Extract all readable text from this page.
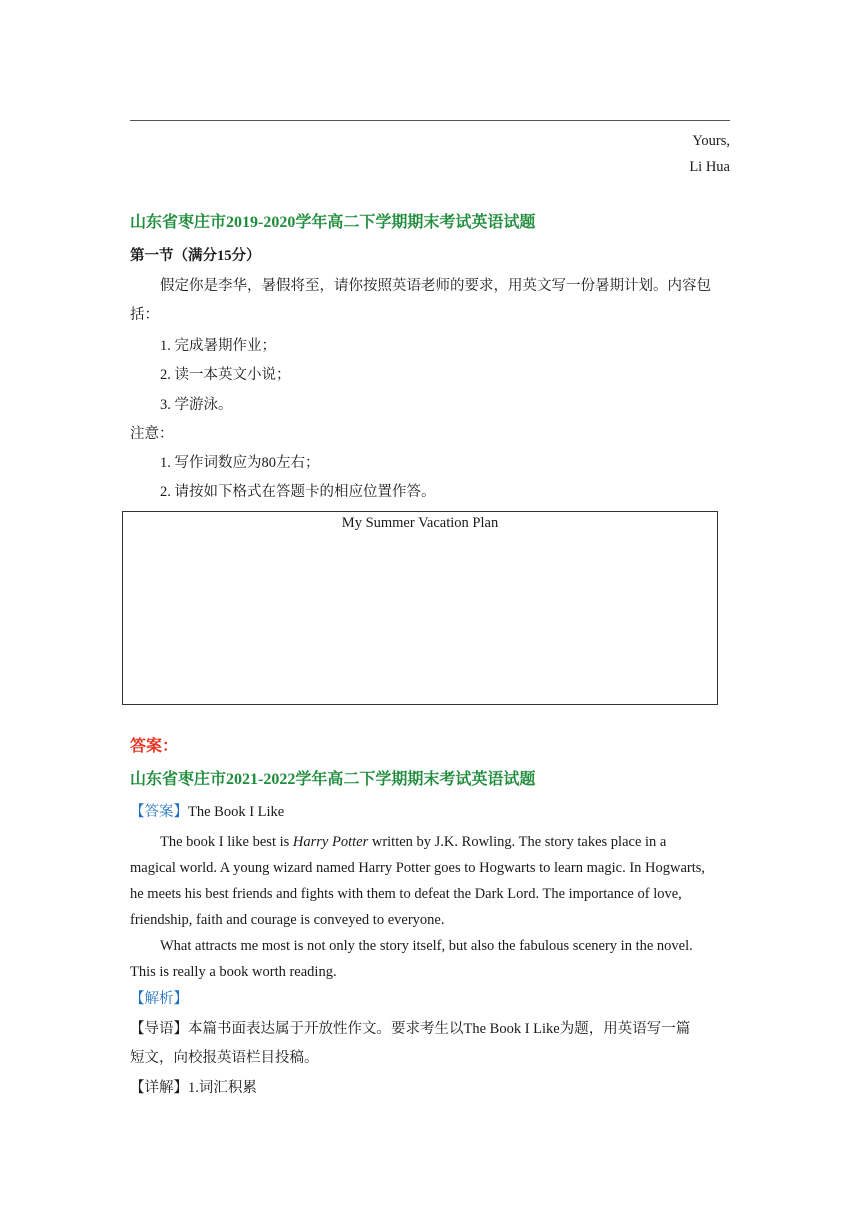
Yours,
Li Hua
山东省枣庄市2019-2020学年高二下学期期末考试英语试题
第一节（满分15分）
假定你是李华，暑假将至，请你按照英语老师的要求，用英文写一份暑期计划。内容包
括：
1. 完成暑期作业；
2. 读一本英文小说；
3. 学游泳。
注意：
1. 写作词数应为80左右；
2. 请按如下格式在答题卡的相应位置作答。
My Summer Vacation Plan
答案：
山东省枣庄市2021-2022学年高二下学期期末考试英语试题
【答案】The Book I Like
The book I like best is Harry Potter written by J.K. Rowling. The story takes place in a
magical world. A young wizard named Harry Potter goes to Hogwarts to learn magic. In Hogwarts,
he meets his best friends and fights with them to defeat the Dark Lord. The importance of love,
friendship, faith and courage is conveyed to everyone.
What attracts me most is not only the story itself, but also the fabulous scenery in the novel.
This is really a book worth reading.
【解析】
【导语】本篇书面表达属于开放性作文。要求考生以The Book I Like为题，用英语写一篇
短文，向校报英语栏目投稿。
【详解】1.词汇积累
